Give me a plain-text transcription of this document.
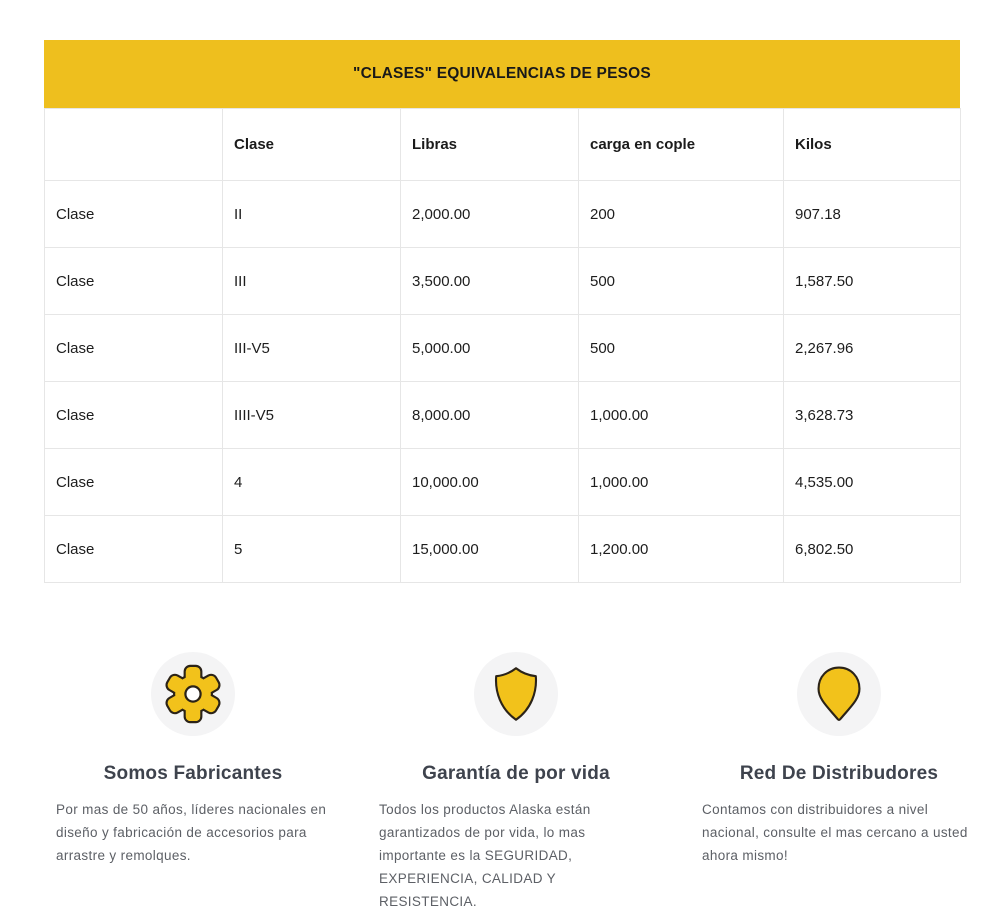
"CLASES" EQUIVALENCIAS DE PESOS
	Clase	Libras	carga en cople	Kilos
Clase	II	2,000.00	200	907.18
Clase	III	3,500.00	500	1,587.50
Clase	III-V5	5,000.00	500	2,267.96
Clase	IIII-V5	8,000.00	1,000.00	3,628.73
Clase	4	10,000.00	1,000.00	4,535.00
Clase	5	15,000.00	1,200.00	6,802.50
Somos Fabricantes
Por mas de 50 años, líderes nacionales en diseño y fabricación de accesorios para arrastre y remolques.
Garantía de por vida
Todos los productos Alaska están garantizados de por vida, lo mas importante es la SEGURIDAD, EXPERIENCIA, CALIDAD Y RESISTENCIA.
Red De Distribudores
Contamos con distribuidores a nivel nacional, consulte el mas cercano a usted ahora mismo!
